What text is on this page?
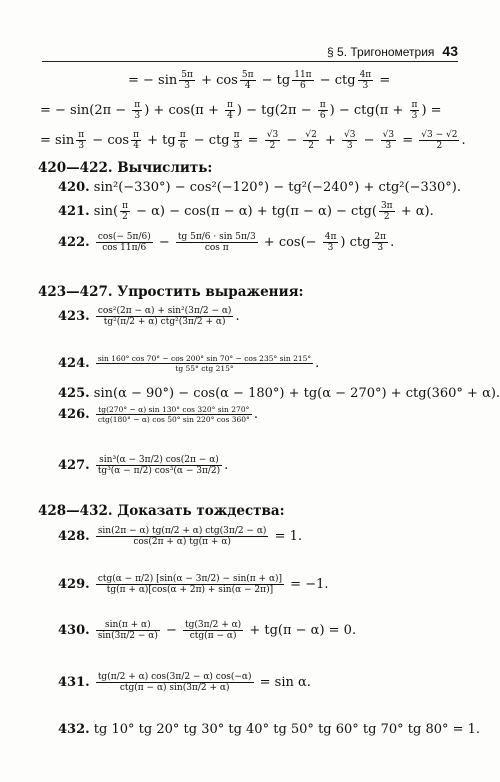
§ 5. Тригонометрия 43
= − $\sin \frac{5\pi}{3} + \cos \frac{5\pi}{4}$ − tg $\frac{11\pi}{6}$ − ctg $\frac{4\pi}{3}$ =
= − $\sin(2\pi - \frac{\pi}{3}$ ) + $\cos(\pi + \frac{\pi}{4}$ ) − $tg(2\pi - \frac{\pi}{6}$ ) − $ctg(\pi + \frac{\pi}{3}$ ) =
= $\sin \frac{\pi}{3} - \cos \frac{\pi}{4}$ + tg $\frac{\pi}{6}$ − ctg $\frac{\pi}{3} = \frac{√3}{2} - \frac{√2}{2} + \frac{√3}{3} - \frac{√3}{3} = \frac{√3 - √2}{2}$ .
420—422. Вычислить:
420. sin²(−330°) − cos²(−120°) − tg²(−240°) + ctg²(−330°).
421. $\sin( \frac{\pi}{2} - \alpha) - \cos(\pi - \alpha) + tg(\pi - \alpha) - ctg( \frac{3\pi}{2} + \alpha)$.
422. $\frac{\cos(- 5\pi/6)}{\cos 11\pi/6} - \frac{tg 5\pi/6 \cdot \sin 5\pi/3}{\text{cos π}} + \cos(- \frac{4\pi}{3}$ ) ctg $\frac{2\pi}{3}$ .
423—427. Упростить выражения:
423. $\frac{\text{cos²(2π − α) + sin²(3π/2 − α)}}{\text{tg²(π/2 + α) ctg²(3π/2 + α)}}$ .
424. $\frac{\sin 160^\circ \cos 70^\circ - \cos 200^\circ \sin 70^\circ - \cos 235^\circ \sin 215^\circ}{\text{tg 55° ctg 215°}}$ .
425. sin(α − 90°) − cos(α − 180°) + tg(α − 270°) + ctg(360° + α).
426. $\frac{tg(270^\circ - \alpha) \sin 130^\circ \cos 320^\circ \sin 270^\circ}{\text{ctg(180° − α) cos 50° sin 220° cos 360°}}$ .
427. $\frac{\text{sin³(α − 3π/2) cos(2π − α)}}{\text{tg³(α − π/2) cos³(α − 3π/2)}}$ .
428—432. Доказать тождества:
428. $\frac{\text{sin(2π − α) tg(π/2 + α) ctg(3π/2 − α)}}{\cos(2\pi + \alpha) tg(\pi + \alpha)} = 1$.
429. $\frac{\text{ctg(α − π/2) [sin(α − 3π/2) − sin(π + α)]}}{tg(\pi + \alpha)[\cos(\alpha + 2\pi) + \sin(\alpha - 2\pi)]} = -1$.
430. $\frac{\sin(\pi + \alpha)}{\sin(3\pi/2 - \alpha)} - \frac{tg(3\pi/2 + \alpha)}{\text{ctg(π − α)}} + tg(\pi - \alpha) = 0$.
431. $\frac{tg(\pi/2 + \alpha) \cos(3\pi/2 - \alpha) \cos(-\alpha)}{\text{ctg(π − α) sin(3π/2 + α)}} = \sin \alpha$.
432. tg 10° tg 20° tg 30° tg 40° tg 50° tg 60° tg 70° tg 80° = 1.
